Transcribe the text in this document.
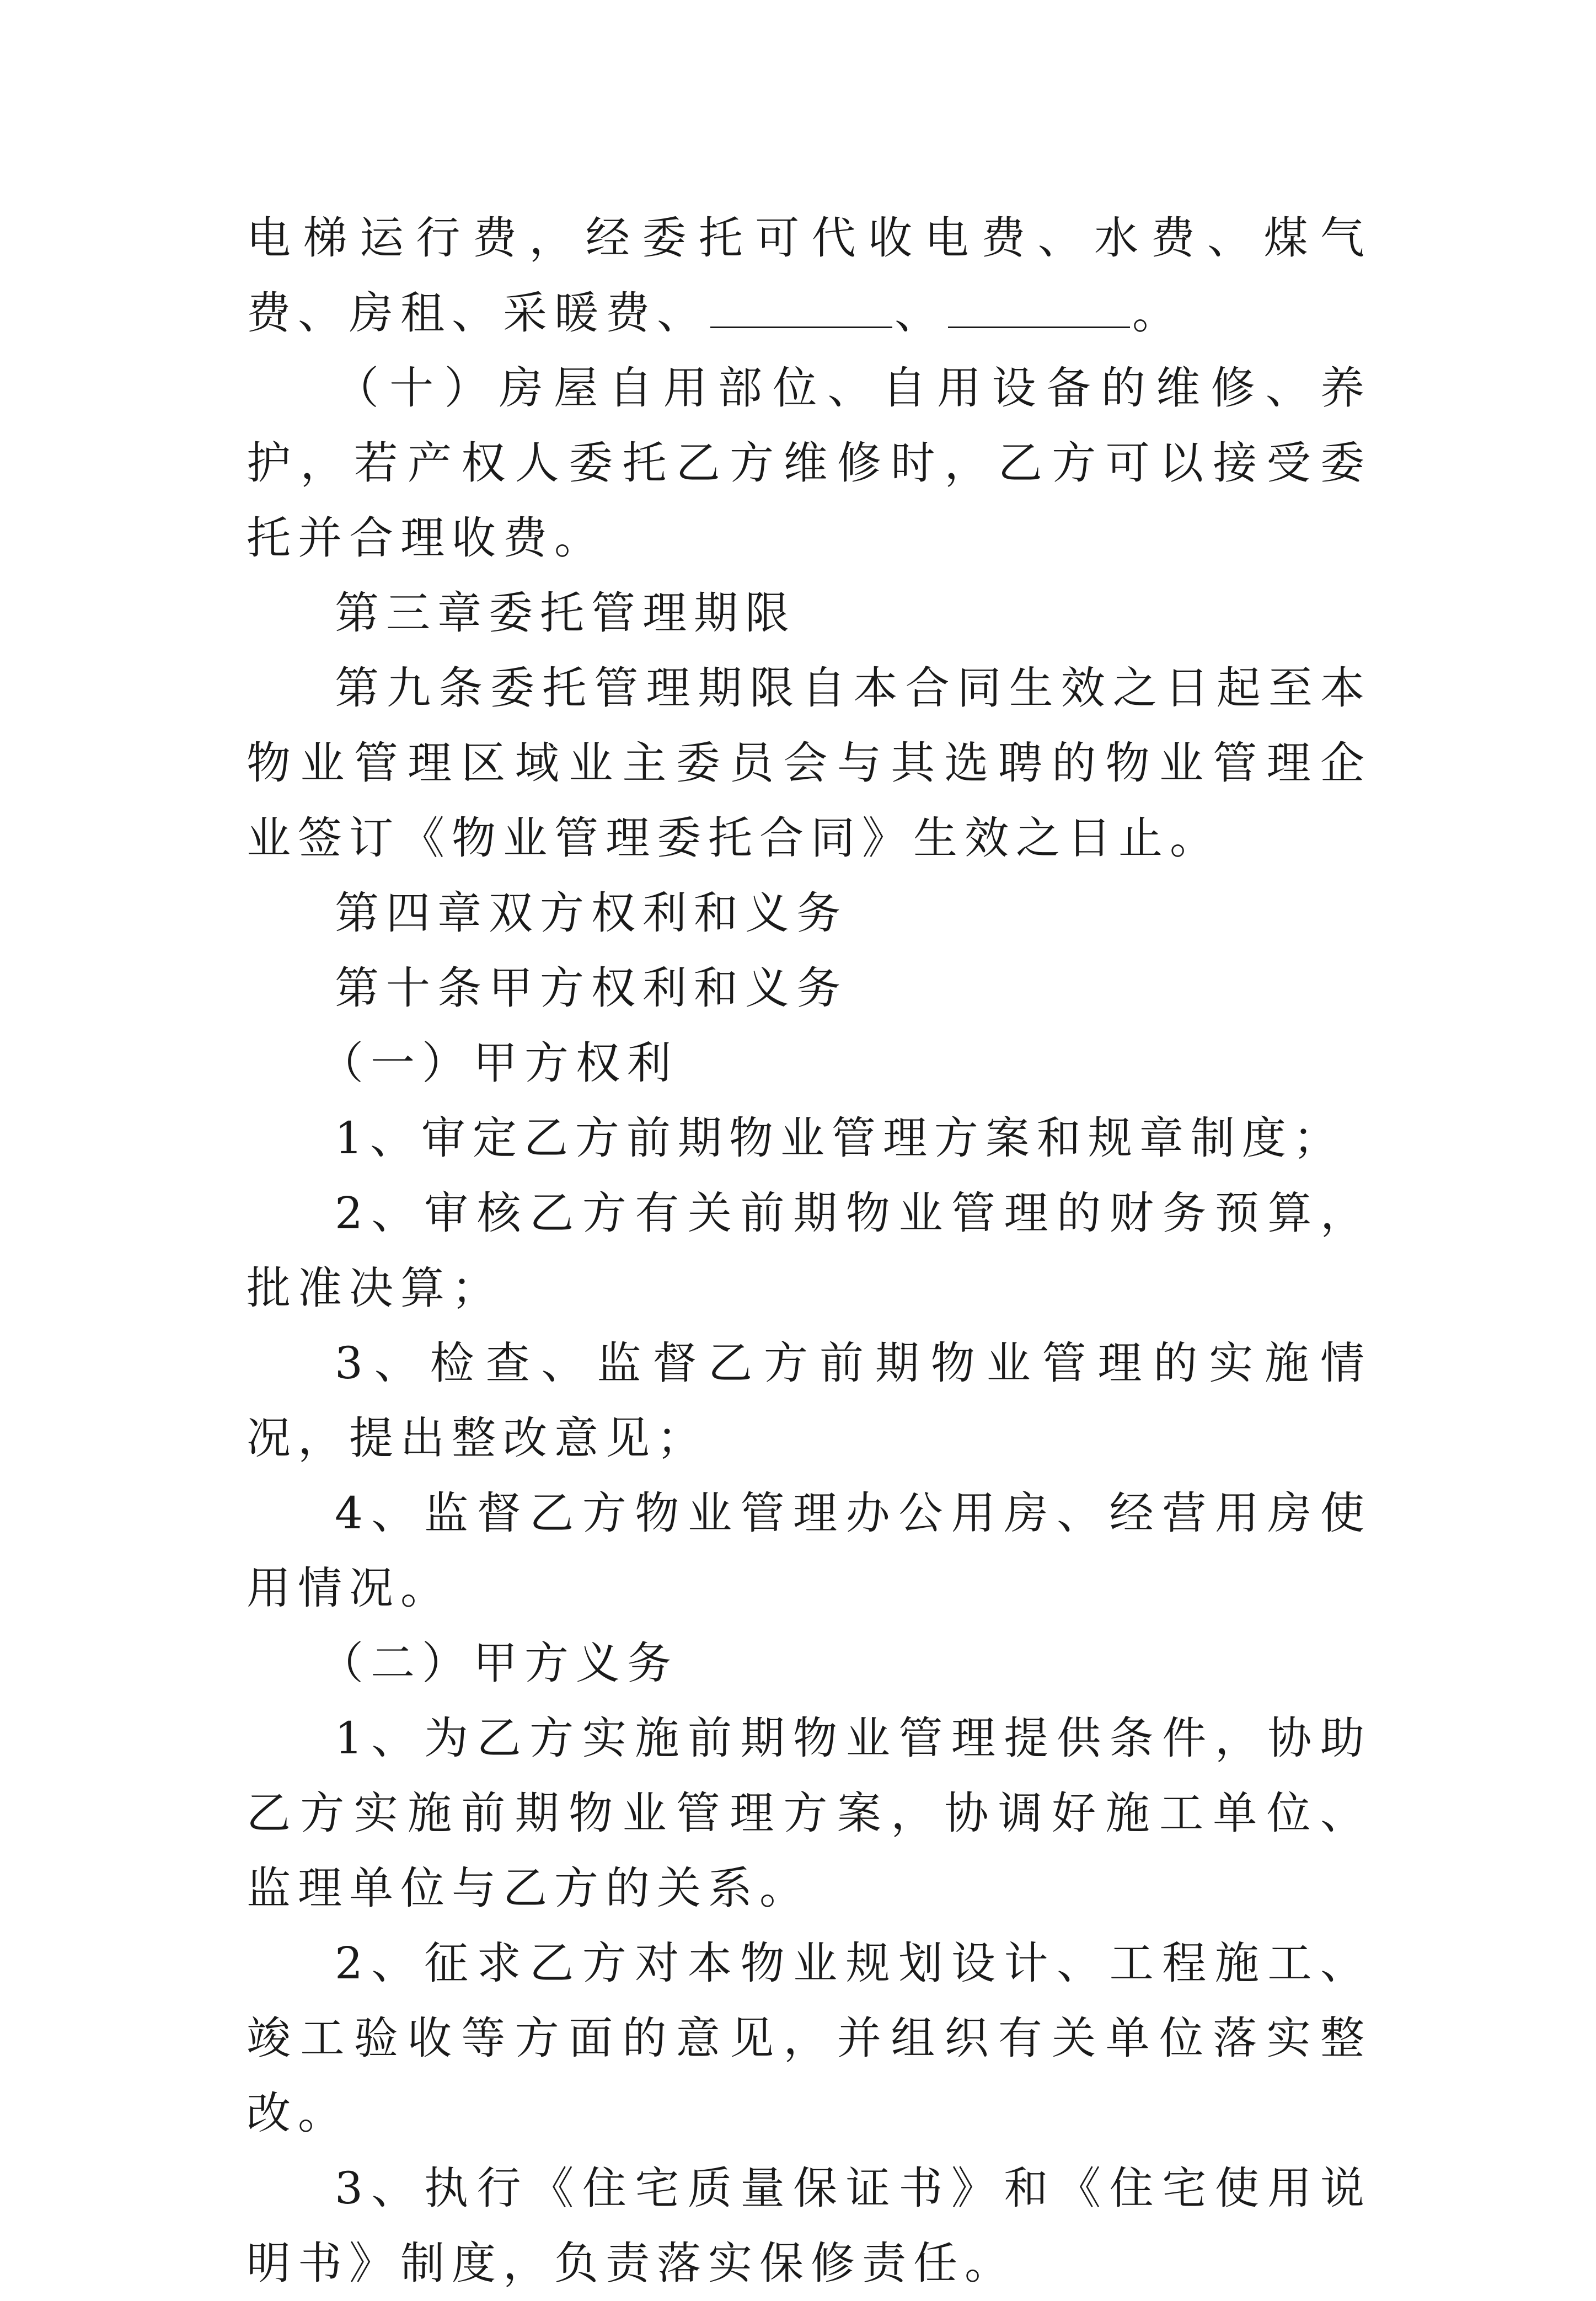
电梯运行费，经委托可代收电费、水费、煤气费、房租、采暖费、	、	。

（十）房屋自用部位、自用设备的维修、养护，若产权人委托乙方维修时，乙方可以接受委托并合理收费。

第三章委托管理期限

第九条委托管理期限自本合同生效之日起至本物业管理区域业主委员会与其选聘的物业管理企业签订《物业管理委托合同》生效之日止。

第四章双方权利和义务

第十条甲方权利和义务

（一）甲方权利

1、审定乙方前期物业管理方案和规章制度；

2、审核乙方有关前期物业管理的财务预算，批准决算；

3、检查、监督乙方前期物业管理的实施情况，提出整改意见；

4、监督乙方物业管理办公用房、经营用房使用情况。

（二）甲方义务

1、为乙方实施前期物业管理提供条件，协助乙方实施前期物业管理方案，协调好施工单位、监理单位与乙方的关系。

2、征求乙方对本物业规划设计、工程施工、竣工验收等方面的意见，并组织有关单位落实整改。

3、执行《住宅质量保证书》和《住宅使用说明书》制度，负责落实保修责任。
